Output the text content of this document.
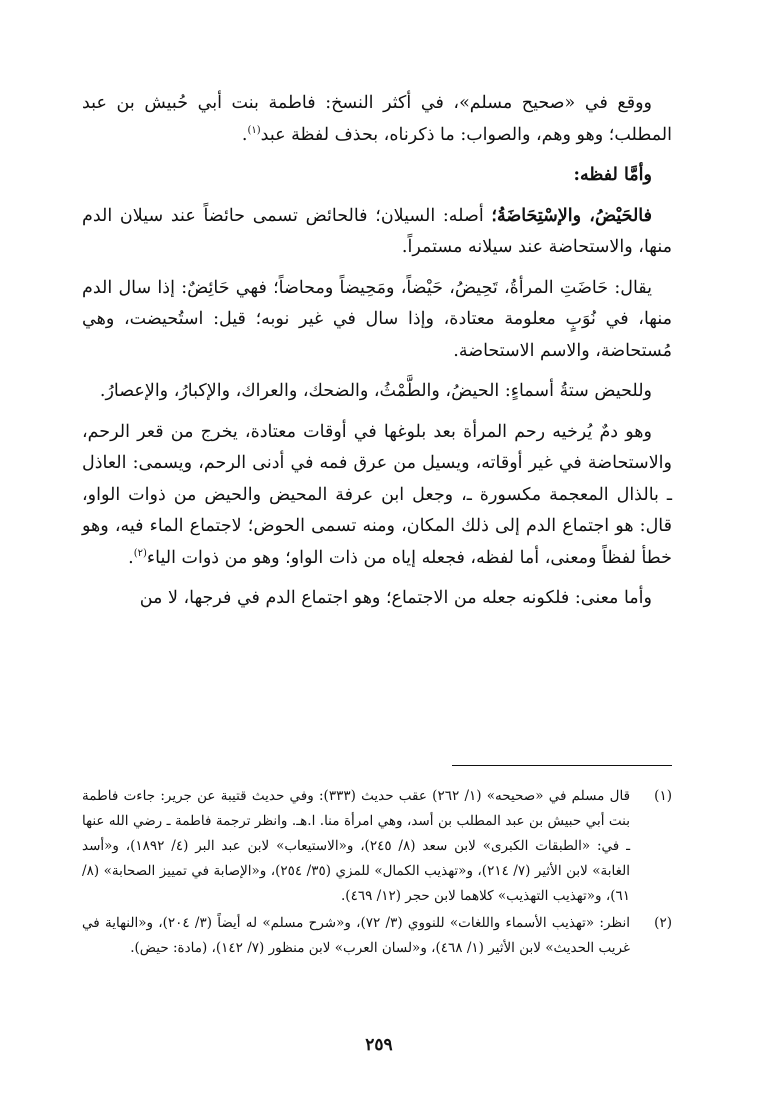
ووقع في «صحيح مسلم»، في أكثر النسخ: فاطمة بنت أبي حُبيش بن عبد المطلب؛ وهو وهم، والصواب: ما ذكرناه، بحذف لفظة عبد$^{(١)}$.

وأمَّا لفظه:

فالحَيْضُ، والإسْتِحَاضَةُ؛ أصله: السيلان؛ فالحائض تسمى حائضاً عند سيلان الدم منها، والاستحاضة عند سيلانه مستمراً.

يقال: حَاضَتِ المرأةُ، تَحِيضُ، حَيْضاً، ومَحِيضاً ومحاضاً؛ فهي حَائِضٌ: إذا سال الدم منها، في نُوَبٍ معلومة معتادة، وإذا سال في غير نوبه؛ قيل: استُحيضت، وهي مُستحاضة، والاسم الاستحاضة.

وللحيض ستةُ أسماءٍ: الحيضُ، والطَّمْثُ، والضحك، والعراك، والإكبارُ، والإعصارُ.

وهو دمٌ يُرخيه رحم المرأة بعد بلوغها في أوقات معتادة، يخرج من قعر الرحم، والاستحاضة في غير أوقاته، ويسيل من عرق فمه في أدنى الرحم، ويسمى: العاذل ـ بالذال المعجمة مكسورة ـ، وجعل ابن عرفة المحيض والحيض من ذوات الواو، قال: هو اجتماع الدم إلى ذلك المكان، ومنه تسمى الحوض؛ لاجتماع الماء فيه، وهو خطأ لفظاً ومعنى، أما لفظه، فجعله إياه من ذات الواو؛ وهو من ذوات الياء$^{(٢)}$.

وأما معنى: فلكونه جعله من الاجتماع؛ وهو اجتماع الدم في فرجها، لا من

(١)
قال مسلم في «صحيحه» (١/ ٢٦٢) عقب حديث (٣٣٣): وفي حديث قتيبة عن جرير: جاءت فاطمة بنت أبي حبيش بن عبد المطلب بن أسد، وهي امرأة منا. ا.هـ. وانظر ترجمة فاطمة ـ رضي الله عنها ـ في: «الطبقات الكبرى» لابن سعد (٨/ ٢٤٥)، و«الاستيعاب» لابن عبد البر (٤/ ١٨٩٢)، و«أسد الغابة» لابن الأثير (٧/ ٢١٤)، و«تهذيب الكمال» للمزي (٣٥/ ٢٥٤)، و«الإصابة في تمييز الصحابة» (٨/ ٦١)، و«تهذيب التهذيب» كلاهما لابن حجر (١٢/ ٤٦٩).
(٢)
انظر: «تهذيب الأسماء واللغات» للنووي (٣/ ٧٢)، و«شرح مسلم» له أيضاً (٣/ ٢٠٤)، و«النهاية في غريب الحديث» لابن الأثير (١/ ٤٦٨)، و«لسان العرب» لابن منظور (٧/ ١٤٢)، (مادة: حيض).
٢٥٩
